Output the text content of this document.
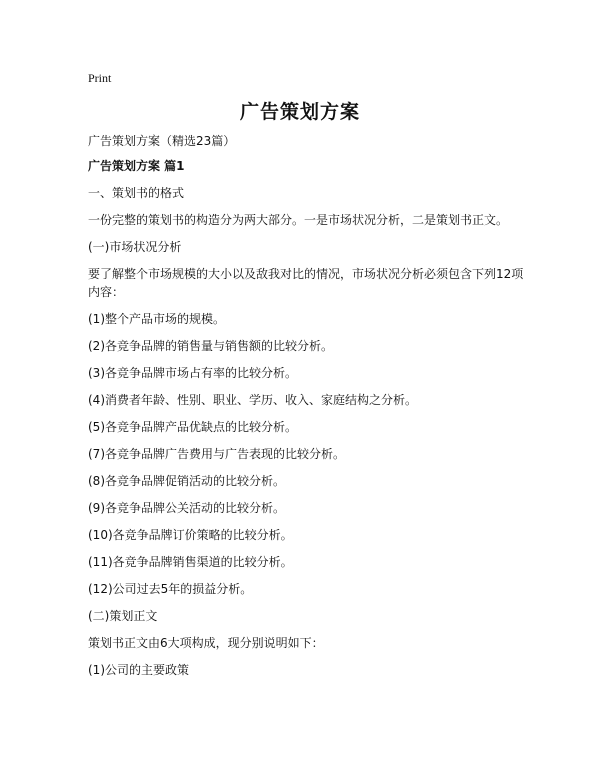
Print
广告策划方案

广告策划方案（精选23篇）

广告策划方案 篇1

一、策划书的格式

一份完整的策划书的构造分为两大部分。一是市场状况分析，二是策划书正文。

(一)市场状况分析

要了解整个市场规模的大小以及敌我对比的情况，市场状况分析必须包含下列12项内容：

(1)整个产品市场的规模。

(2)各竞争品牌的销售量与销售额的比较分析。

(3)各竞争品牌市场占有率的比较分析。

(4)消费者年龄、性别、职业、学历、收入、家庭结构之分析。

(5)各竞争品牌产品优缺点的比较分析。

(7)各竞争品牌广告费用与广告表现的比较分析。

(8)各竞争品牌促销活动的比较分析。

(9)各竞争品牌公关活动的比较分析。

(10)各竞争品牌订价策略的比较分析。

(11)各竞争品牌销售渠道的比较分析。

(12)公司过去5年的损益分析。

(二)策划正文

策划书正文由6大项构成，现分别说明如下：

(1)公司的主要政策
